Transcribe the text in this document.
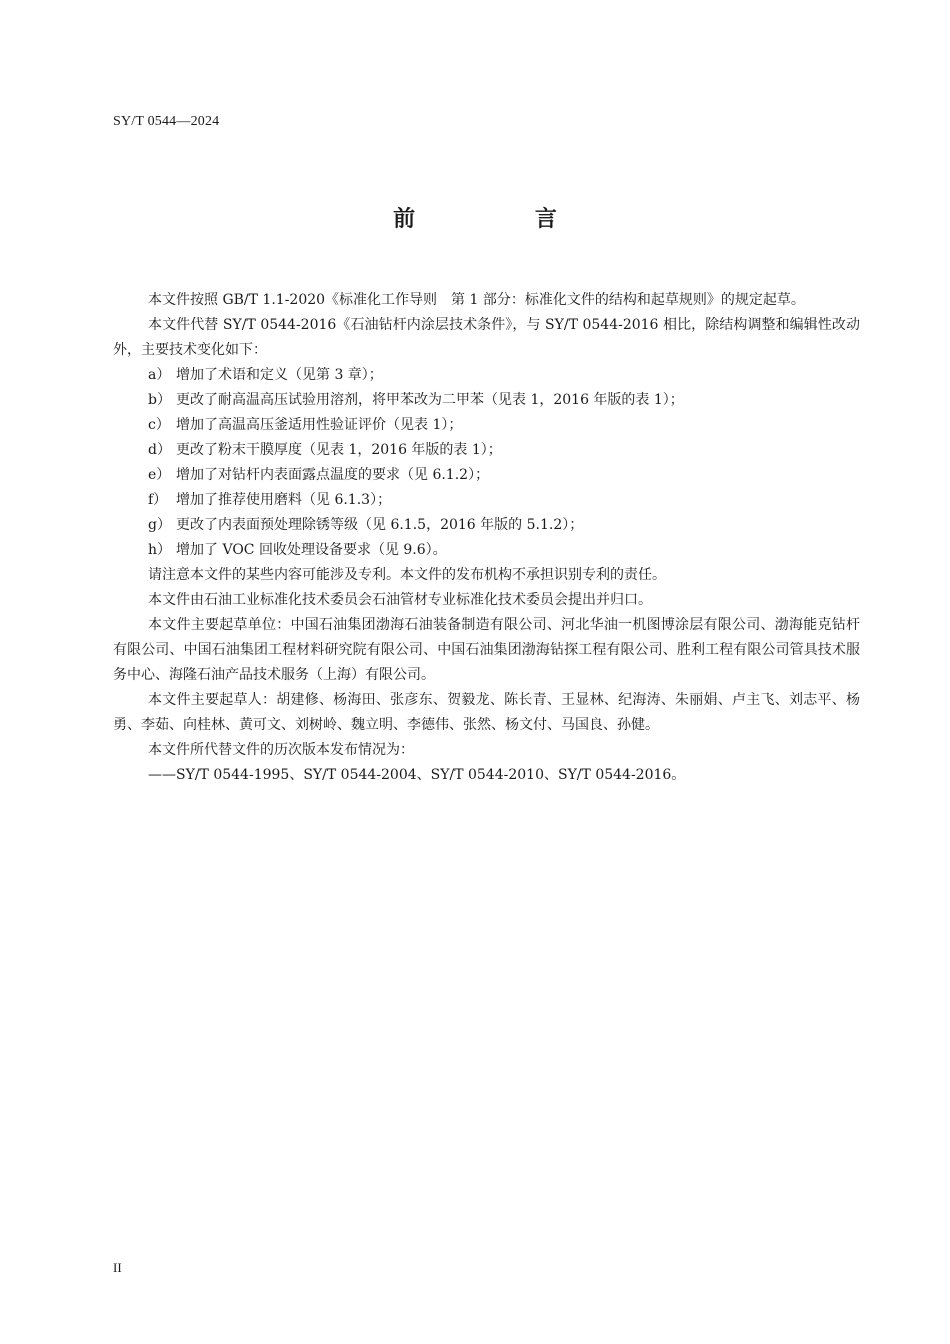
SY/T 0544—2024
前 言

本文件按照 GB/T 1.1-2020《标准化工作导则　第 1 部分：标准化文件的结构和起草规则》的规定起草。

本文件代替 SY/T 0544-2016《石油钻杆内涂层技术条件》，与 SY/T 0544-2016 相比，除结构调整和编辑性改动外，主要技术变化如下：

a） 增加了术语和定义（见第 3 章）；

b） 更改了耐高温高压试验用溶剂，将甲苯改为二甲苯（见表 1，2016 年版的表 1）；

c） 增加了高温高压釜适用性验证评价（见表 1）；

d） 更改了粉末干膜厚度（见表 1，2016 年版的表 1）；

e） 增加了对钻杆内表面露点温度的要求（见 6.1.2）；

f） 增加了推荐使用磨料（见 6.1.3）；

g） 更改了内表面预处理除锈等级（见 6.1.5，2016 年版的 5.1.2）；

h） 增加了 VOC 回收处理设备要求（见 9.6）。

请注意本文件的某些内容可能涉及专利。本文件的发布机构不承担识别专利的责任。

本文件由石油工业标准化技术委员会石油管材专业标准化技术委员会提出并归口。

本文件主要起草单位：中国石油集团渤海石油装备制造有限公司、河北华油一机图博涂层有限公司、渤海能克钻杆有限公司、中国石油集团工程材料研究院有限公司、中国石油集团渤海钻探工程有限公司、胜利工程有限公司管具技术服务中心、海隆石油产品技术服务（上海）有限公司。

本文件主要起草人：胡建修、杨海田、张彦东、贺毅龙、陈长青、王显林、纪海涛、朱丽娟、卢主飞、刘志平、杨勇、李茹、向桂林、黄可文、刘树岭、魏立明、李德伟、张然、杨文付、马国良、孙健。

本文件所代替文件的历次版本发布情况为：

——SY/T 0544-1995、SY/T 0544-2004、SY/T 0544-2010、SY/T 0544-2016。

II
